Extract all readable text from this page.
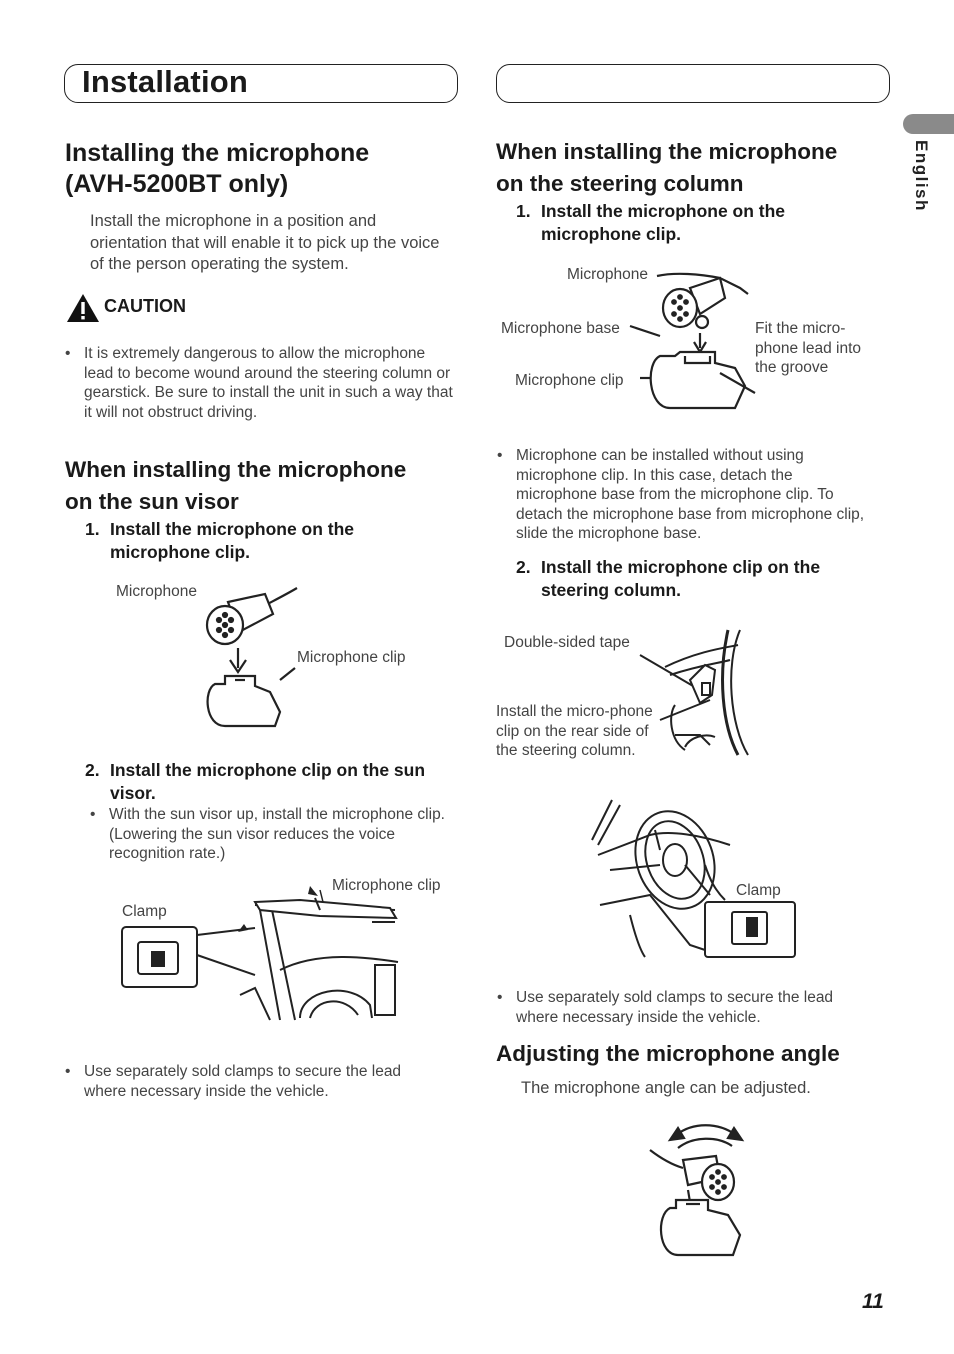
Installation
English
Installing the microphone
(AVH-5200BT only)
Install the microphone in a position and orientation that will enable it to pick up the voice of the person operating the system.
CAUTION
• It is extremely dangerous to allow the microphone lead to become wound around the steering column or gearstick. Be sure to install the unit in such a way that it will not obstruct driving.
When installing the microphone
on the sun visor
1. Install the microphone on the microphone clip.
Microphone
Microphone clip
2. Install the microphone clip on the sun visor.
• With the sun visor up, install the microphone clip. (Lowering the sun visor reduces the voice recognition rate.)
Microphone clip
Clamp
• Use separately sold clamps to secure the lead where necessary inside the vehicle.
When installing the microphone
on the steering column
1. Install the microphone on the microphone clip.
Microphone
Microphone base
Microphone clip
Fit the micro-phone lead into the groove
• Microphone can be installed without using microphone clip. In this case, detach the microphone base from the microphone clip. To detach the microphone base from microphone clip, slide the microphone base.
2. Install the microphone clip on the steering column.
Double-sided tape
Install the micro-phone clip on the rear side of the steering column.
Clamp
• Use separately sold clamps to secure the lead where necessary inside the vehicle.
Adjusting the microphone angle
The microphone angle can be adjusted.
11
